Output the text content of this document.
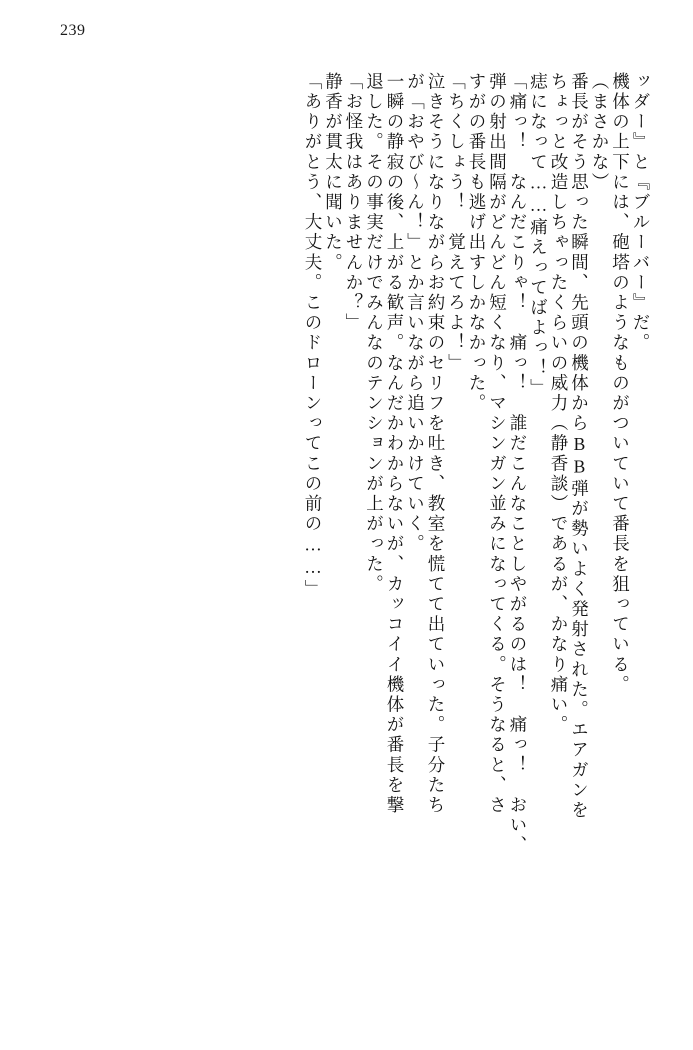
239
ッダー』と『ブルーバー』だ。
機体の上下には、砲塔のようなものがついていて番長を狙っている。
（まさかな）
番長がそう思った瞬間、先頭の機体からBB弾が勢いよく発射された。エアガンを
ちょっと改造しちゃったくらいの威力（静香談）であるが、かなり痛い。
痣になって……痛えってばよっ！」
「痛っ！　なんだこりゃ！　痛っ！　誰だこんなことしやがるのは！　痛っ！　おい、
弾の射出間隔がどんどん短くなり、マシンガン並みになってくる。そうなると、さ
すがの番長も逃げ出すしかなかった。
「ちくしょう！　覚えてろよ！」
泣きそうになりながらお約束のセリフを吐き、教室を慌てて出ていった。子分たち
が「おやび～ん！」とか言いながら追いかけていく。
一瞬の静寂の後、上がる歓声。なんだかわからないが、カッコイイ機体が番長を撃
退した。その事実だけでみんなのテンションが上がった。
「お怪我はありませんか？」
静香が貫太に聞いた。
「ありがとう、大丈夫。このドローンってこの前の……」
